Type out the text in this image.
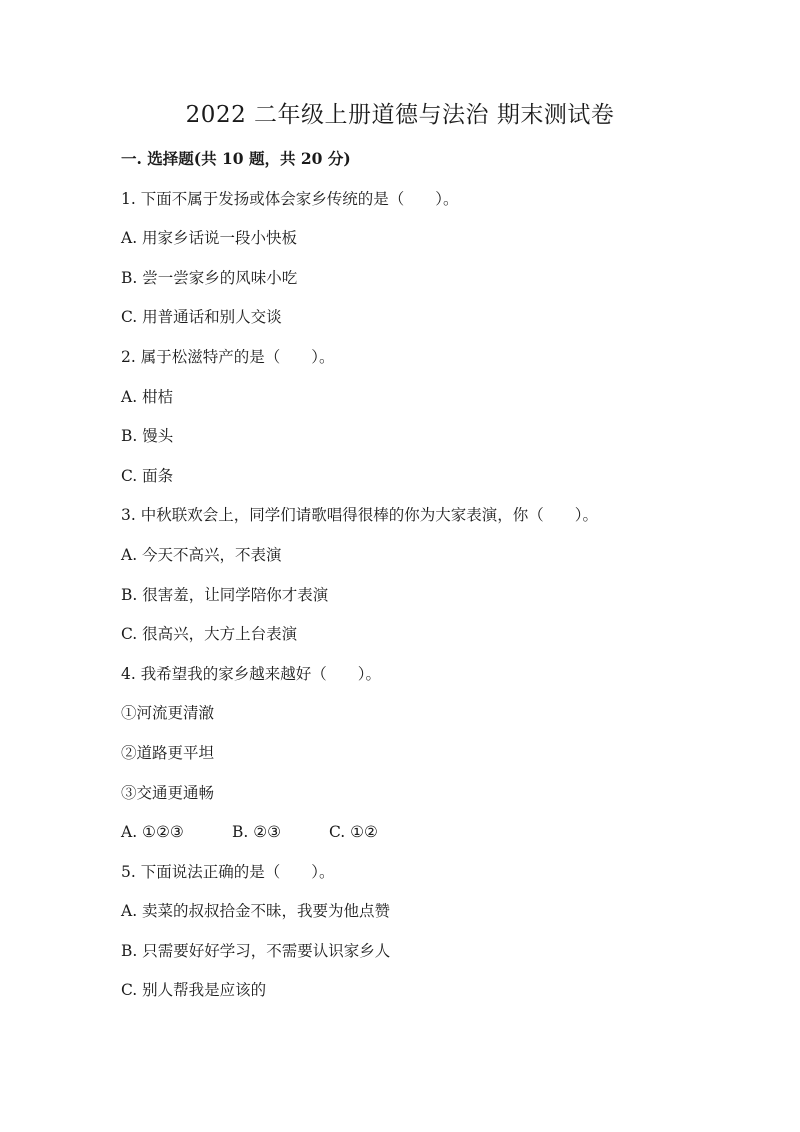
2022 二年级上册道德与法治 期末测试卷
一. 选择题(共 10 题，共 20 分)
1. 下面不属于发扬或体会家乡传统的是（　　）。
A. 用家乡话说一段小快板
B. 尝一尝家乡的风味小吃
C. 用普通话和别人交谈
2. 属于松滋特产的是（　　）。
A. 柑桔
B. 馒头
C. 面条
3. 中秋联欢会上，同学们请歌唱得很棒的你为大家表演，你（　　）。
A. 今天不高兴，不表演
B. 很害羞，让同学陪你才表演
C. 很高兴，大方上台表演
4. 我希望我的家乡越来越好（　　）。
①河流更清澈
②道路更平坦
③交通更通畅
A. ①②③	B. ②③	C. ①②
5. 下面说法正确的是（　　）。
A. 卖菜的叔叔拾金不昧，我要为他点赞
B. 只需要好好学习，不需要认识家乡人
C. 别人帮我是应该的
